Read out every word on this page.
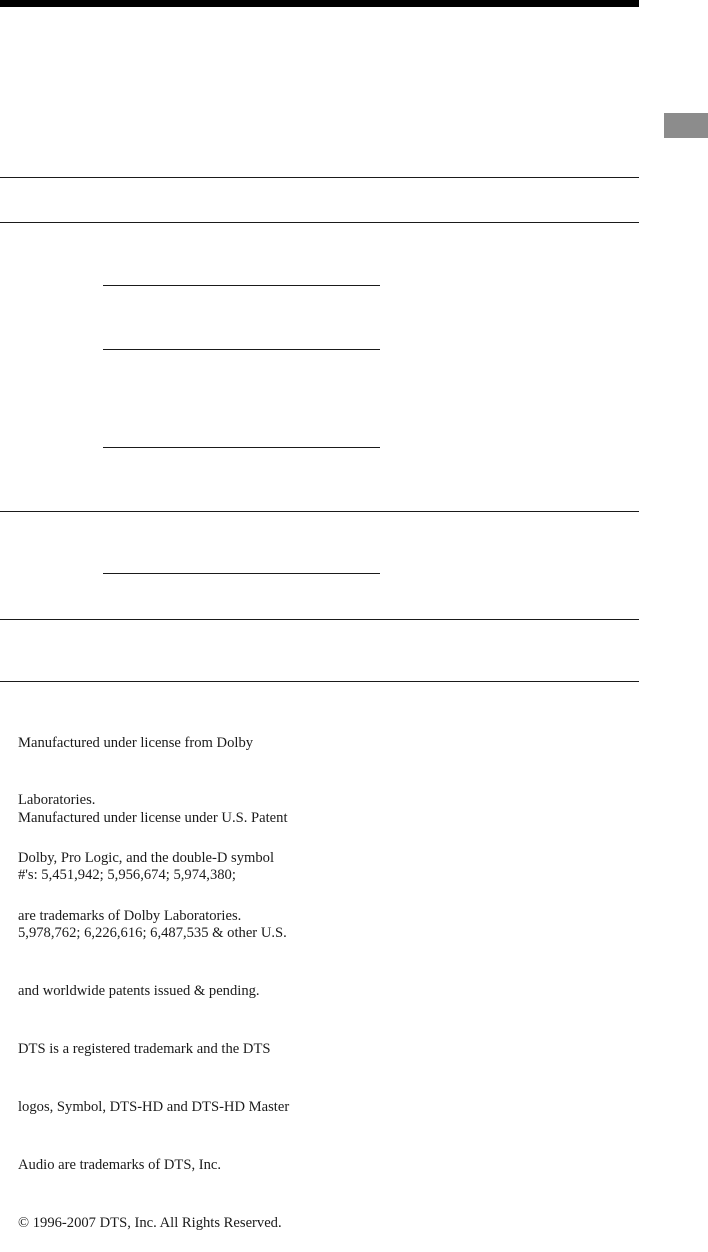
Manufactured under license from Dolby

Laboratories.

Dolby, Pro Logic, and the double-D symbol

are trademarks of Dolby Laboratories.

Manufactured under license under U.S. Patent

#'s: 5,451,942; 5,956,674; 5,974,380;

5,978,762; 6,226,616; 6,487,535 & other U.S.

and worldwide patents issued & pending.

DTS is a registered trademark and the DTS

logos, Symbol, DTS-HD and DTS-HD Master

Audio are trademarks of DTS, Inc.

© 1996-2007 DTS, Inc. All Rights Reserved.
